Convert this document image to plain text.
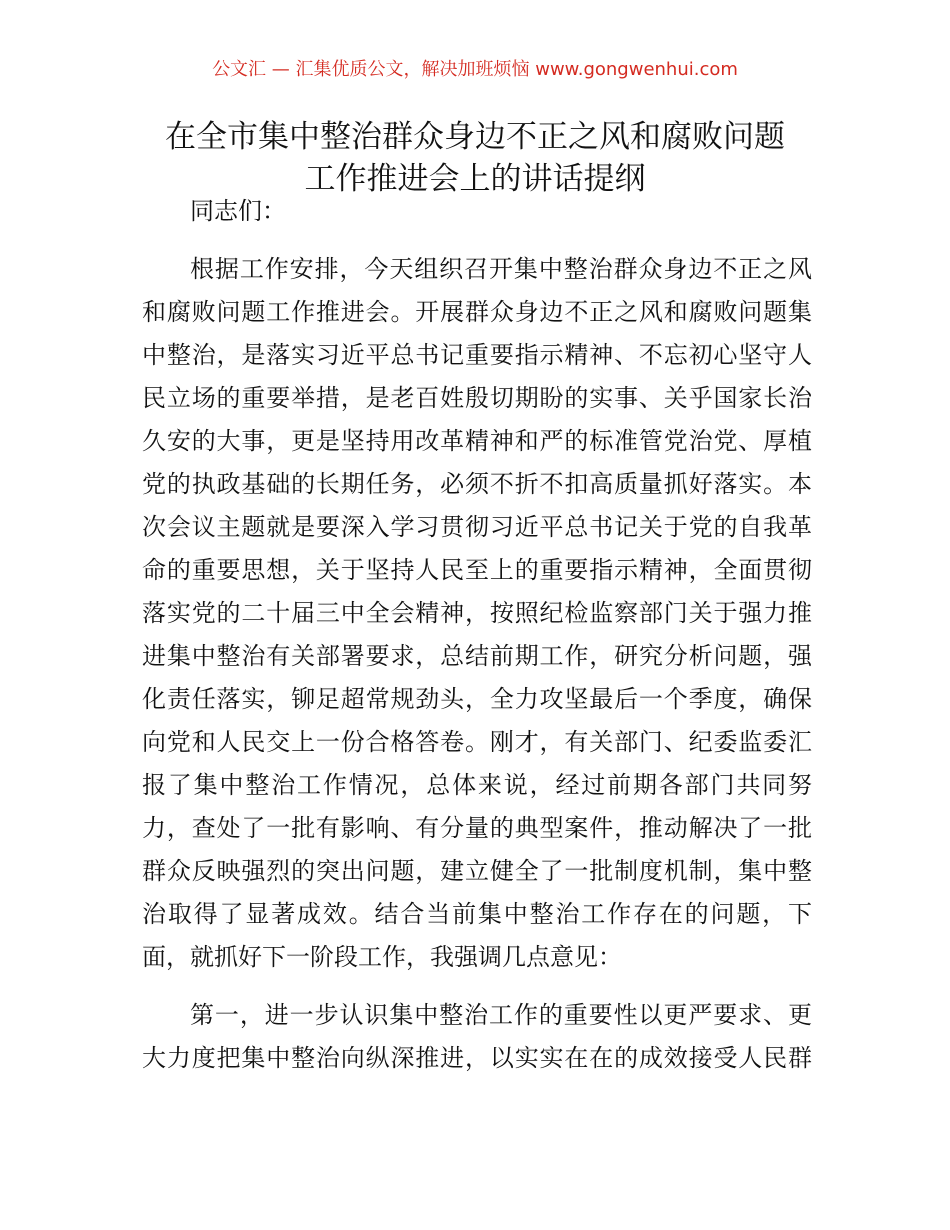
公文汇 — 汇集优质公文，解决加班烦恼 www.gongwenhui.com
在全市集中整治群众身边不正之风和腐败问题
工作推进会上的讲话提纲
同志们：
根据工作安排，今天组织召开集中整治群众身边不正之风
和腐败问题工作推进会。开展群众身边不正之风和腐败问题集
中整治，是落实习近平总书记重要指示精神、不忘初心坚守人
民立场的重要举措，是老百姓殷切期盼的实事、关乎国家长治
久安的大事，更是坚持用改革精神和严的标准管党治党、厚植
党的执政基础的长期任务，必须不折不扣高质量抓好落实。本
次会议主题就是要深入学习贯彻习近平总书记关于党的自我革
命的重要思想，关于坚持人民至上的重要指示精神，全面贯彻
落实党的二十届三中全会精神，按照纪检监察部门关于强力推
进集中整治有关部署要求，总结前期工作，研究分析问题，强
化责任落实，铆足超常规劲头，全力攻坚最后一个季度，确保
向党和人民交上一份合格答卷。刚才，有关部门、纪委监委汇
报了集中整治工作情况，总体来说，经过前期各部门共同努
力，查处了一批有影响、有分量的典型案件，推动解决了一批
群众反映强烈的突出问题，建立健全了一批制度机制，集中整
治取得了显著成效。结合当前集中整治工作存在的问题，下
面，就抓好下一阶段工作，我强调几点意见：
第一，进一步认识集中整治工作的重要性以更严要求、更
大力度把集中整治向纵深推进，以实实在在的成效接受人民群
